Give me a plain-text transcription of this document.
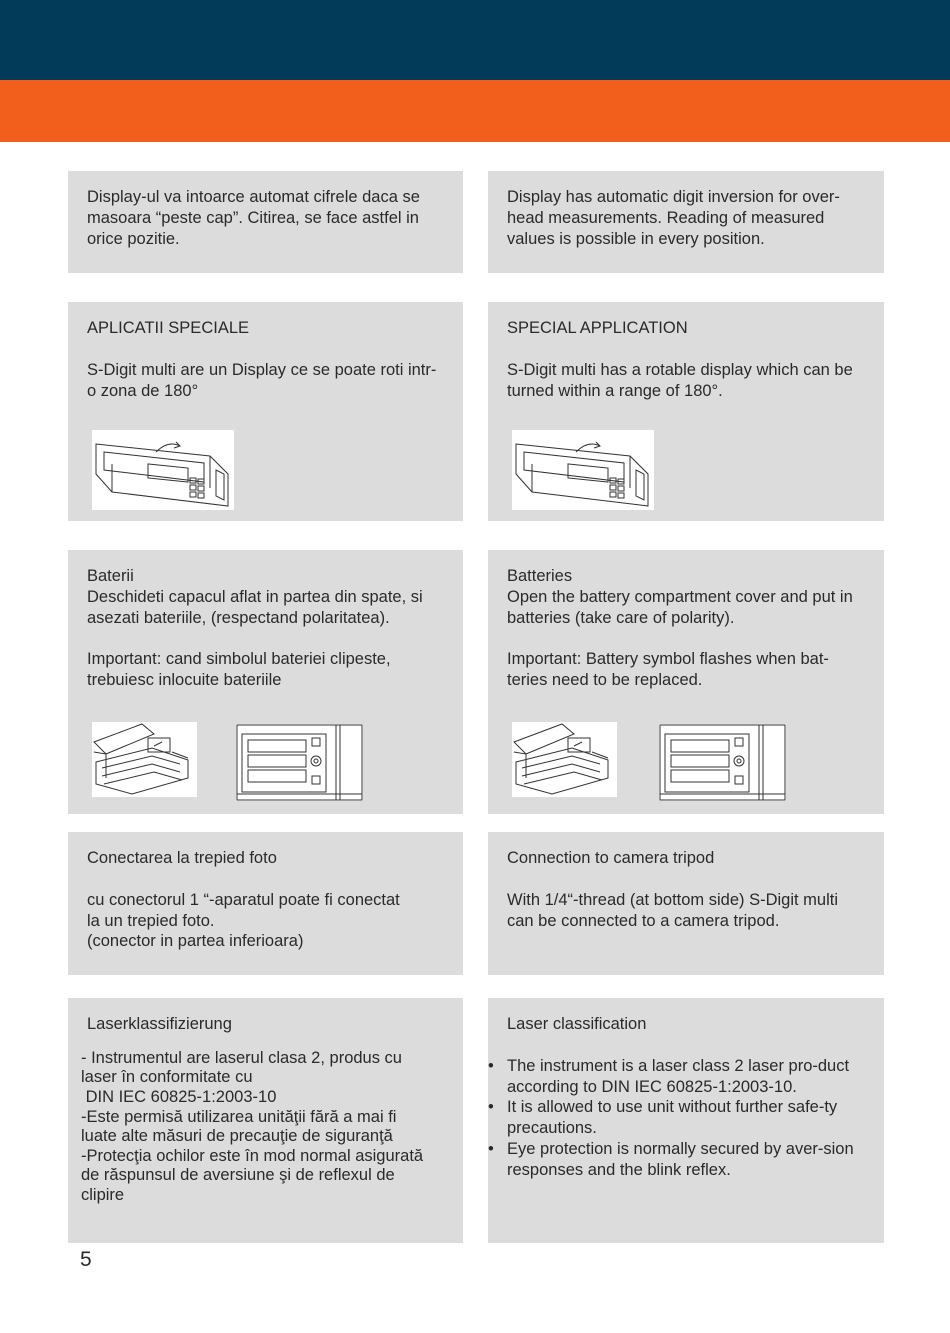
Display-ul va intoarce automat cifrele daca se masoara “peste cap”. Citirea, se face astfel in orice pozitie.

Display has automatic digit inversion for over-head measurements. Reading of measured values is possible in every position.

APLICATII SPECIALE

S-Digit multi are un Display ce se poate roti intr-o zona de 180°

SPECIAL APPLICATION

S-Digit multi has a rotable display which can be turned within a range of 180°.

Baterii

Deschideti capacul aflat in partea din spate, si asezati bateriile, (respectand polaritatea).

Important: cand simbolul bateriei clipeste, trebuiesc inlocuite bateriile

Batteries

Open the battery compartment cover and put in batteries (take care of polarity).

Important: Battery symbol flashes when bat-teries need to be replaced.

Conectarea la trepied foto

cu conectorul 1 “-aparatul poate fi conectat

la un trepied foto.

(conector in partea inferioara)

Connection to camera tripod

With 1/4“-thread (at bottom side) S-Digit multi can be connected to a camera tripod.

Laserklassifizierung

- Instrumentul are laserul clasa 2, produs cu

laser în conformitate cu

DIN IEC 60825-1:2003-10

-Este permisă utilizarea unităţii fără a mai fi

luate alte măsuri de precauţie de siguranţă

-Protecţia ochilor este în mod normal asigurată

de răspunsul de aversiune şi de reflexul de

clipire

Laser classification

• The instrument is a laser class 2 laser pro-duct according to DIN IEC 60825-1:2003-10.
• It is allowed to use unit without further safe-ty precautions.
• Eye protection is normally secured by aver-sion responses and the blink reflex.
5
